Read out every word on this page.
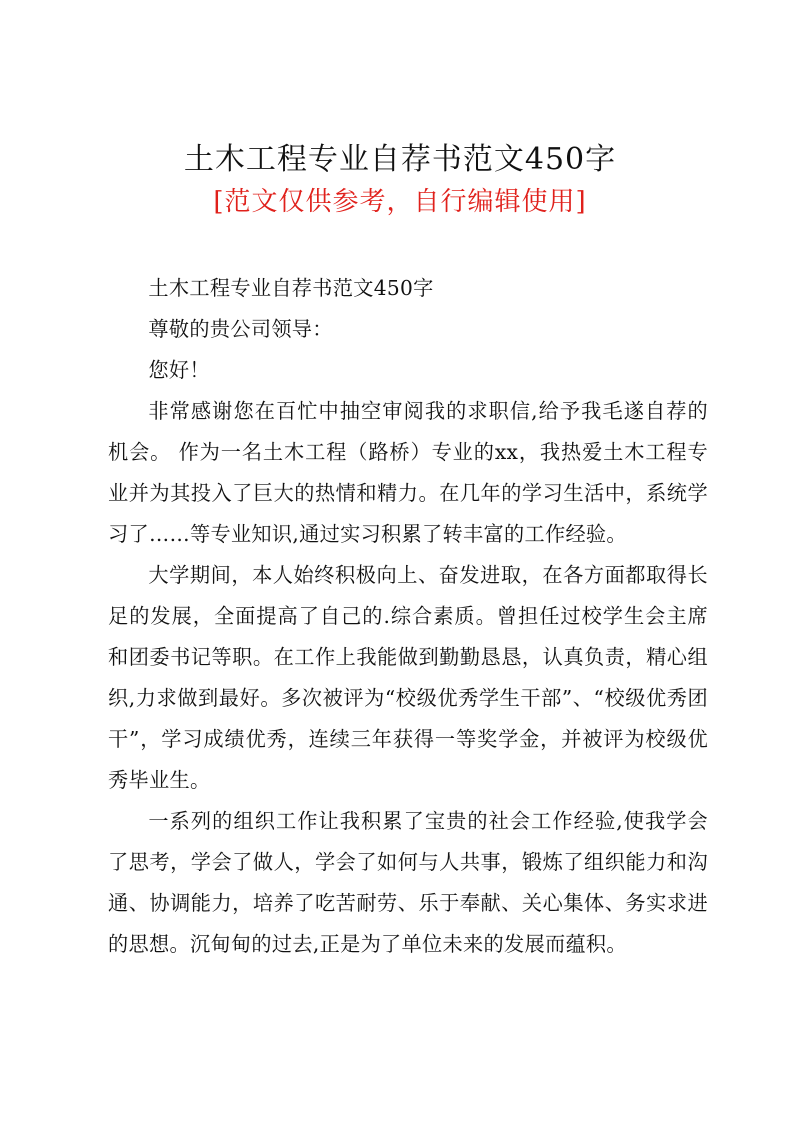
土木工程专业自荐书范文450字
[范文仅供参考，自行编辑使用]

土木工程专业自荐书范文450字

尊敬的贵公司领导：

您好！

非常感谢您在百忙中抽空审阅我的求职信,给予我毛遂自荐的机会。 作为一名土木工程（路桥）专业的xx，我热爱土木工程专业并为其投入了巨大的热情和精力。在几年的学习生活中，系统学习了……等专业知识,通过实习积累了转丰富的工作经验。

大学期间，本人始终积极向上、奋发进取，在各方面都取得长足的发展，全面提高了自己的.综合素质。曾担任过校学生会主席和团委书记等职。在工作上我能做到勤勤恳恳，认真负责，精心组织,力求做到最好。多次被评为“校级优秀学生干部”、“校级优秀团干”，学习成绩优秀，连续三年获得一等奖学金，并被评为校级优秀毕业生。

一系列的组织工作让我积累了宝贵的社会工作经验,使我学会了思考，学会了做人，学会了如何与人共事，锻炼了组织能力和沟通、协调能力，培养了吃苦耐劳、乐于奉献、关心集体、务实求进的思想。沉甸甸的过去,正是为了单位未来的发展而蕴积。
